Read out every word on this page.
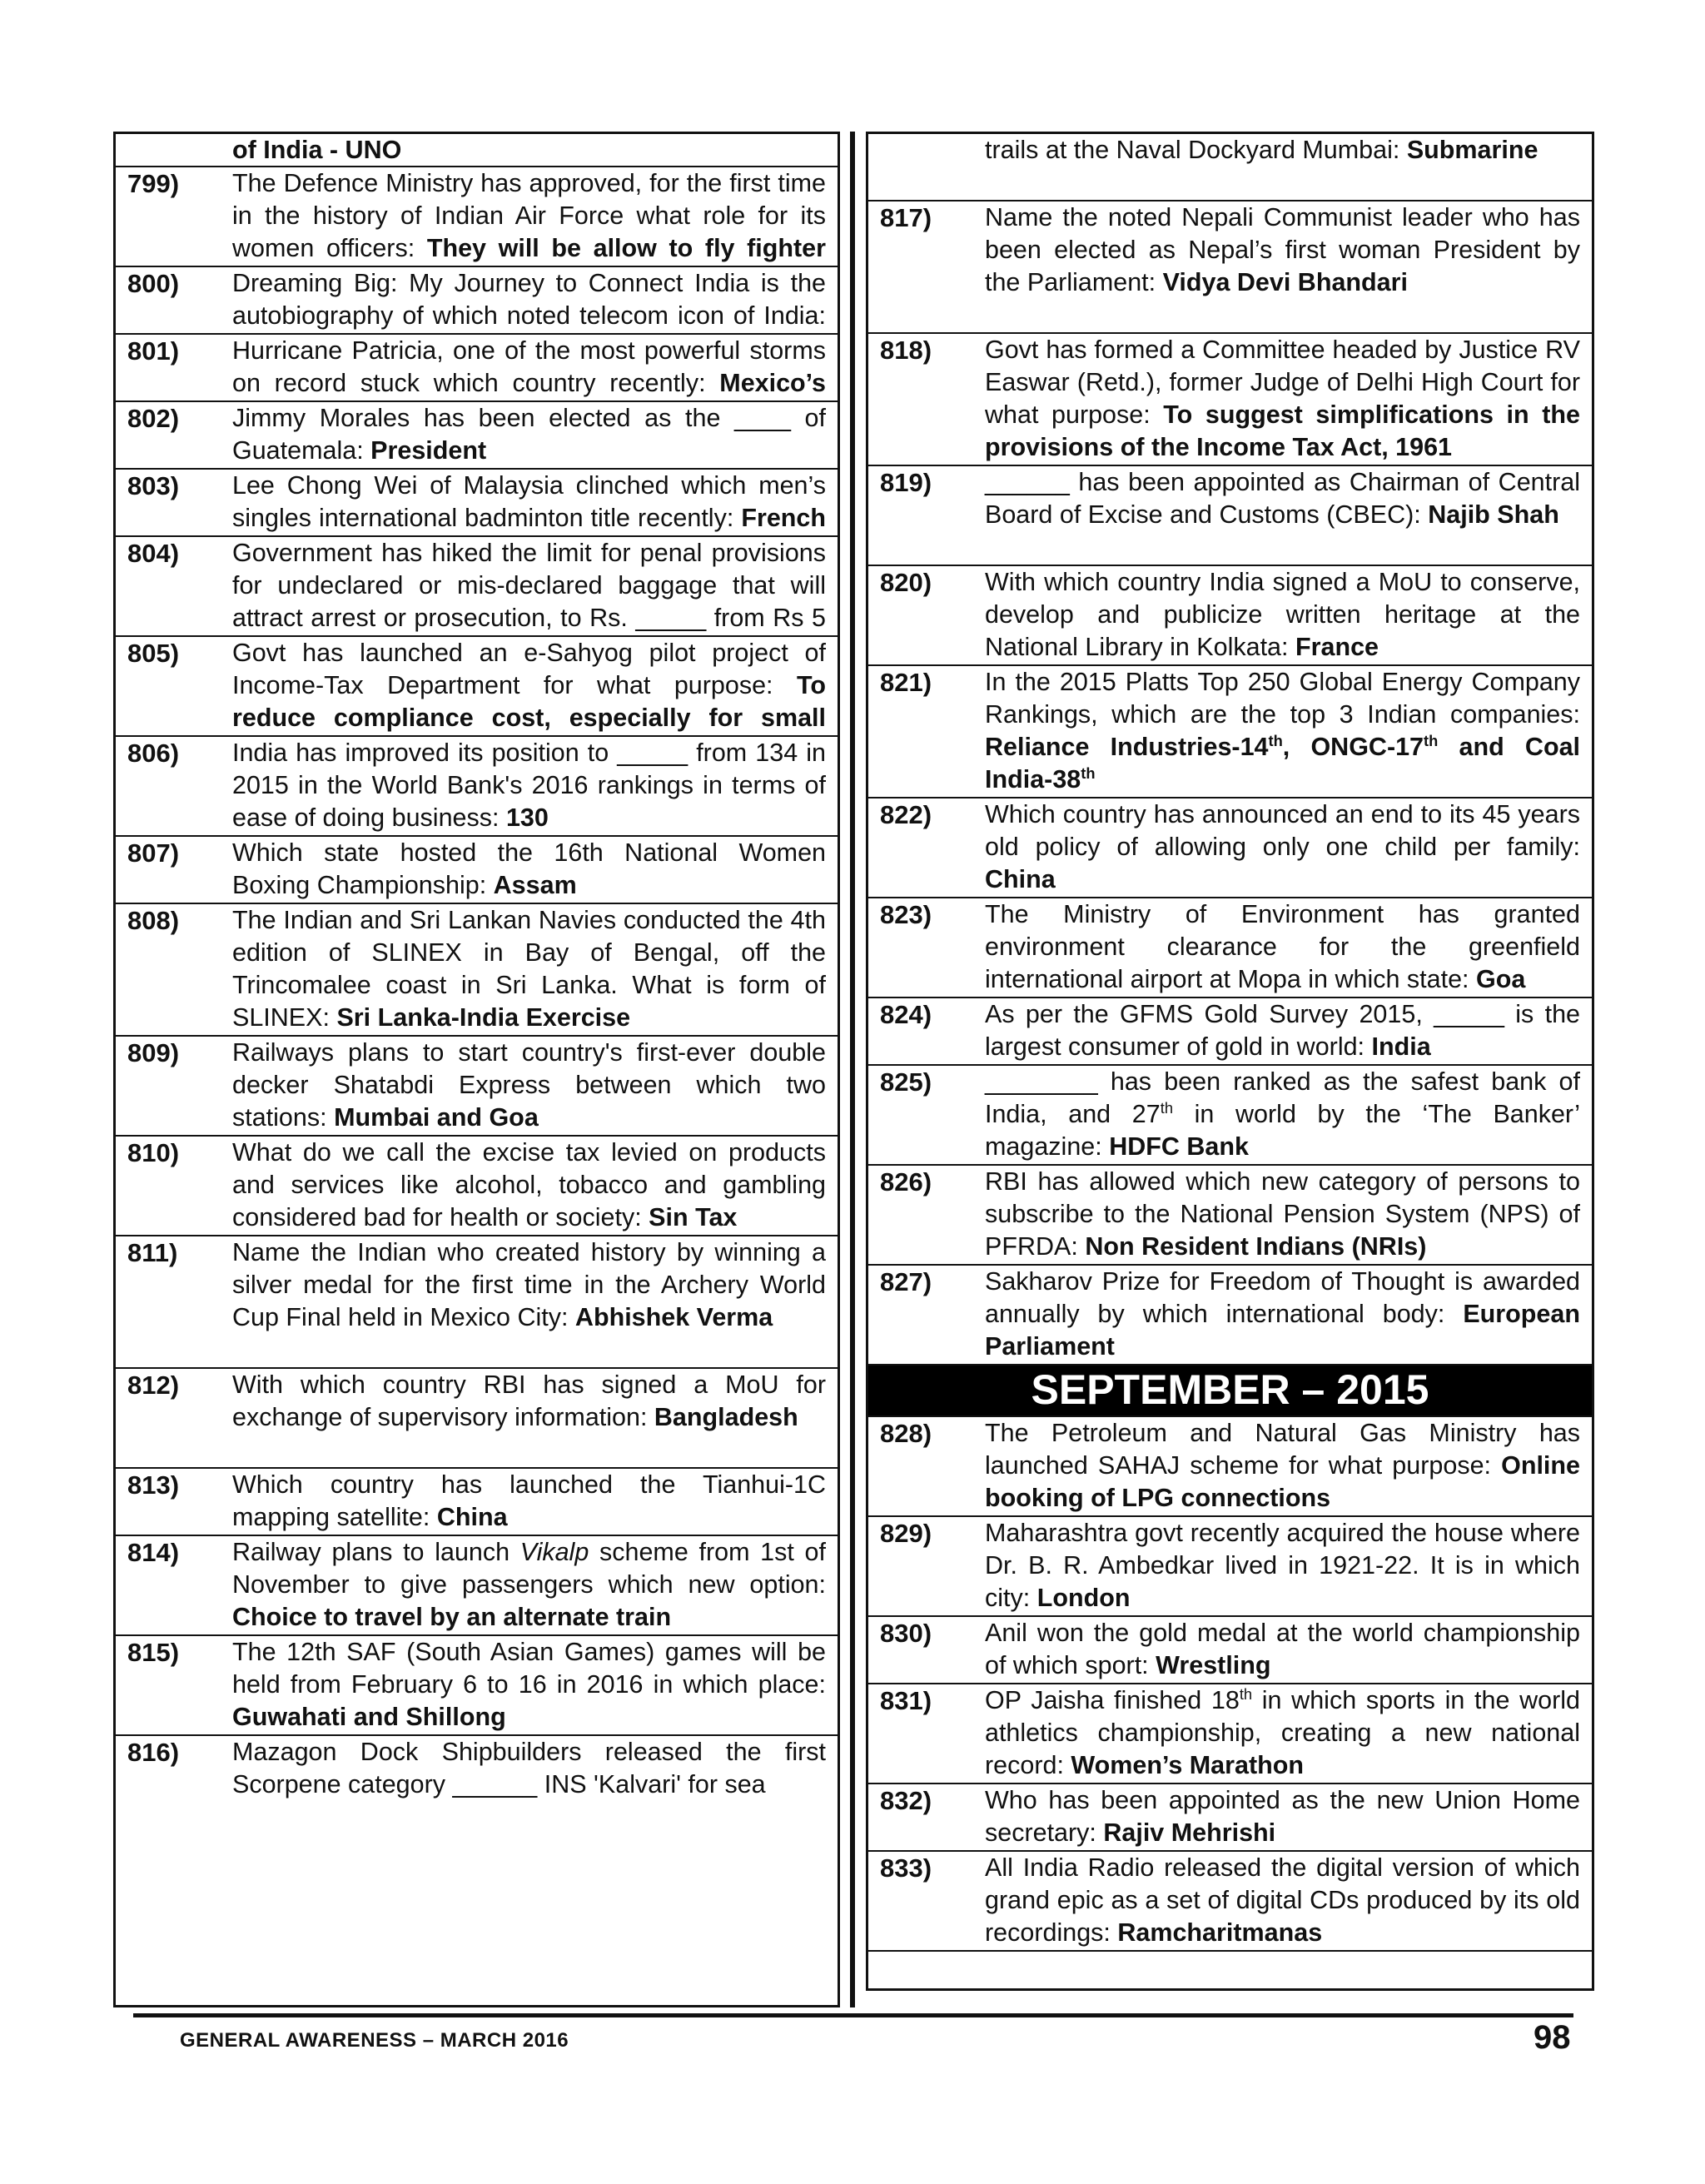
of India - UNO
799)	The Defence Ministry has approved, for the first time in the history of Indian Air Force what role for its women officers: They will be allow to fly fighter
800)	Dreaming Big: My Journey to Connect India is the autobiography of which noted telecom icon of India:
801)	Hurricane Patricia, one of the most powerful storms on record stuck which country recently: Mexico’s
802)	Jimmy Morales has been elected as the ____ of Guatemala: President
803)	Lee Chong Wei of Malaysia clinched which men’s singles international badminton title recently: French
804)	Government has hiked the limit for penal provisions for undeclared or mis-declared baggage that will attract arrest or prosecution, to Rs. _____ from Rs 5
805)	Govt has launched an e-Sahyog pilot project of Income-Tax Department for what purpose: To reduce compliance cost, especially for small
806)	India has improved its position to _____ from 134 in 2015 in the World Bank's 2016 rankings in terms of ease of doing business: 130
807)	Which state hosted the 16th National Women Boxing Championship: Assam
808)	The Indian and Sri Lankan Navies conducted the 4th edition of SLINEX in Bay of Bengal, off the Trincomalee coast in Sri Lanka. What is form of SLINEX: Sri Lanka-India Exercise
809)	Railways plans to start country's first-ever double decker Shatabdi Express between which two stations: Mumbai and Goa
810)	What do we call the excise tax levied on products and services like alcohol, tobacco and gambling considered bad for health or society: Sin Tax
811)	Name the Indian who created history by winning a silver medal for the first time in the Archery World Cup Final held in Mexico City: Abhishek Verma
812)	With which country RBI has signed a MoU for exchange of supervisory information: Bangladesh
813)	Which country has launched the Tianhui-1C mapping satellite: China
814)	Railway plans to launch Vikalp scheme from 1st of November to give passengers which new option: Choice to travel by an alternate train
815)	The 12th SAF (South Asian Games) games will be held from February 6 to 16 in 2016 in which place: Guwahati and Shillong
816)	Mazagon Dock Shipbuilders released the first Scorpene category ______ INS 'Kalvari' for sea
trails at the Naval Dockyard Mumbai: Submarine
817)	Name the noted Nepali Communist leader who has been elected as Nepal’s first woman President by the Parliament: Vidya Devi Bhandari
818)	Govt has formed a Committee headed by Justice RV Easwar (Retd.), former Judge of Delhi High Court for what purpose: To suggest simplifications in the provisions of the Income Tax Act, 1961
819)	______ has been appointed as Chairman of Central Board of Excise and Customs (CBEC): Najib Shah
820)	With which country India signed a MoU to conserve, develop and publicize written heritage at the National Library in Kolkata: France
821)	In the 2015 Platts Top 250 Global Energy Company Rankings, which are the top 3 Indian companies: Reliance Industries-14th, ONGC-17th and Coal India-38th
822)	Which country has announced an end to its 45 years old policy of allowing only one child per family: China
823)	The Ministry of Environment has granted environment clearance for the greenfield international airport at Mopa in which state: Goa
824)	As per the GFMS Gold Survey 2015, _____ is the largest consumer of gold in world: India
825)	________ has been ranked as the safest bank of India, and 27th in world by the ‘The Banker’ magazine: HDFC Bank
826)	RBI has allowed which new category of persons to subscribe to the National Pension System (NPS) of PFRDA: Non Resident Indians (NRIs)
827)	Sakharov Prize for Freedom of Thought is awarded annually by which international body: European Parliament
SEPTEMBER – 2015
828)	The Petroleum and Natural Gas Ministry has launched SAHAJ scheme for what purpose: Online booking of LPG connections
829)	Maharashtra govt recently acquired the house where Dr. B. R. Ambedkar lived in 1921-22. It is in which city: London
830)	Anil won the gold medal at the world championship of which sport: Wrestling
831)	OP Jaisha finished 18th in which sports in the world athletics championship, creating a new national record: Women’s Marathon
832)	Who has been appointed as the new Union Home secretary: Rajiv Mehrishi
833)	All India Radio released the digital version of which grand epic as a set of digital CDs produced by its old recordings: Ramcharitmanas
GENERAL AWARENESS – MARCH 2016	98
